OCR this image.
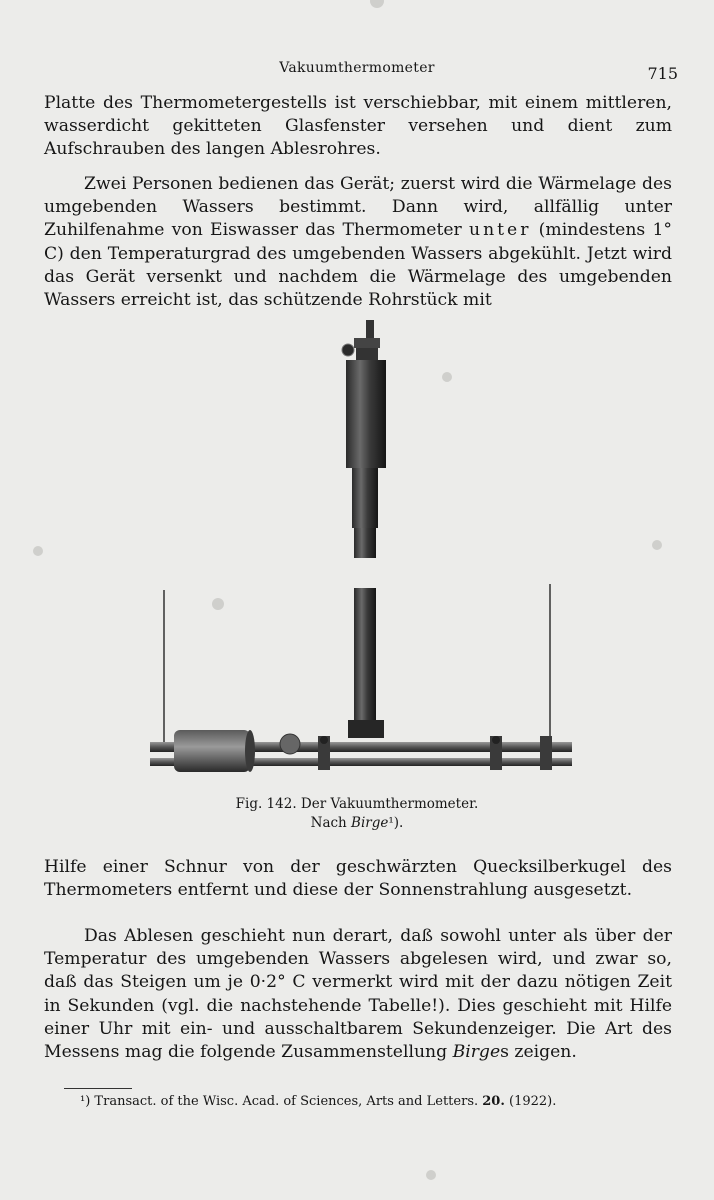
Vakuumthermometer	715

Platte des Thermometergestells ist verschiebbar, mit einem mittleren, wasserdicht gekitteten Glasfenster versehen und dient zum Aufschrauben des langen Ablesrohres.

Zwei Personen bedienen das Gerät; zuerst wird die Wärmelage des umgebenden Wassers bestimmt. Dann wird, allfällig unter Zuhilfenahme von Eiswasser das Thermometer unter (mindestens 1° C) den Temperaturgrad des umgebenden Wassers abgekühlt. Jetzt wird das Gerät versenkt und nachdem die Wärmelage des umgebenden Wassers erreicht ist, das schützende Rohrstück mit

Fig. 142. Der Vakuumthermometer.
Nach Birge¹).

Hilfe einer Schnur von der geschwärzten Quecksilberkugel des Thermometers entfernt und diese der Sonnenstrahlung ausgesetzt.

Das Ablesen geschieht nun derart, daß sowohl unter als über der Temperatur des umgebenden Wassers abgelesen wird, und zwar so, daß das Steigen um je 0·2° C vermerkt wird mit der dazu nötigen Zeit in Sekunden (vgl. die nachstehende Tabelle!). Dies geschieht mit Hilfe einer Uhr mit ein- und ausschaltbarem Sekundenzeiger. Die Art des Messens mag die folgende Zusammenstellung Birges zeigen.

¹) Transact. of the Wisc. Acad. of Sciences, Arts and Letters. 20. (1922).
